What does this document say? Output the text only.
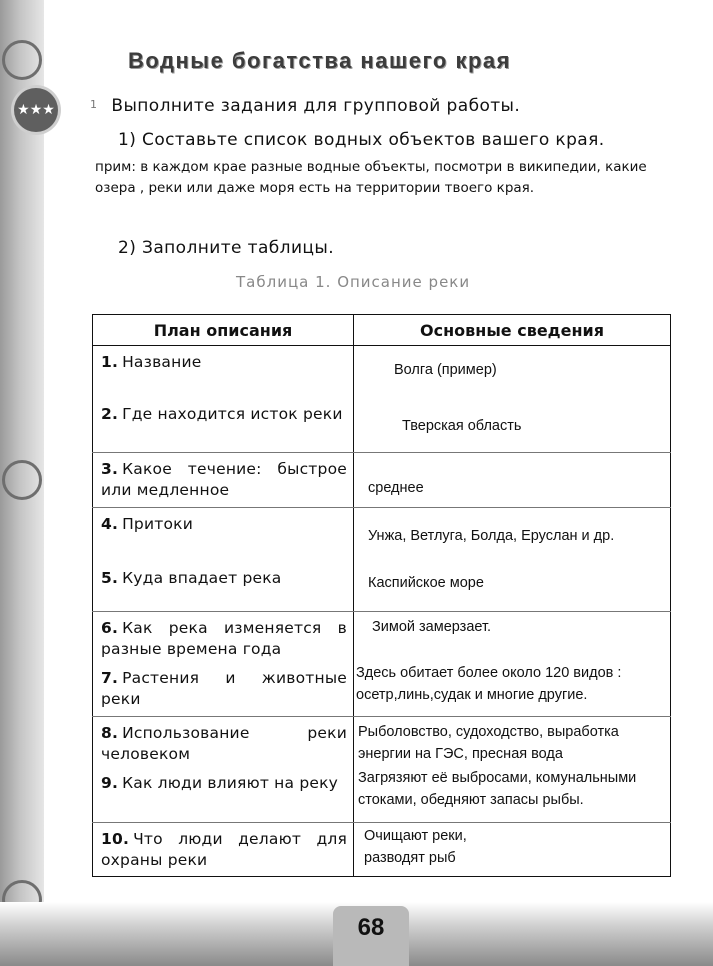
★★★
Водные богатства нашего края
1 Выполните задания для групповой работы.
1) Составьте список водных объектов вашего края.
прим: в каждом крае разные водные объекты, посмотри в википедии, какие озера , реки или даже моря есть на территории твоего края.
2) Заполните таблицы.
Таблица 1. Описание реки
План описания	Основные сведения

1. Название	Волга (пример)

2. Где находится исток реки	Тверская область

3. Какое течение: быстрое или медленное	среднее

4. Притоки	Унжа, Ветлуга, Болда, Еруслан и др.

5. Куда впадает река	Каспийское море

6. Как река изменяется в разные времена года	Зимой замерзает.

7. Растения и животные реки	Здесь обитает более около 120 видов :
осетр,линь,судак и многие другие.

8. Использование реки человеком	Рыболовство, судоходство, выработка
энергии на ГЭС, пресная вода

9. Как люди влияют на реку	Загрязяют её выбросами, комунальными
стоками, обедняют запасы рыбы.

10. Что люди делают для охраны реки	Очищают реки,
разводят рыб
68
